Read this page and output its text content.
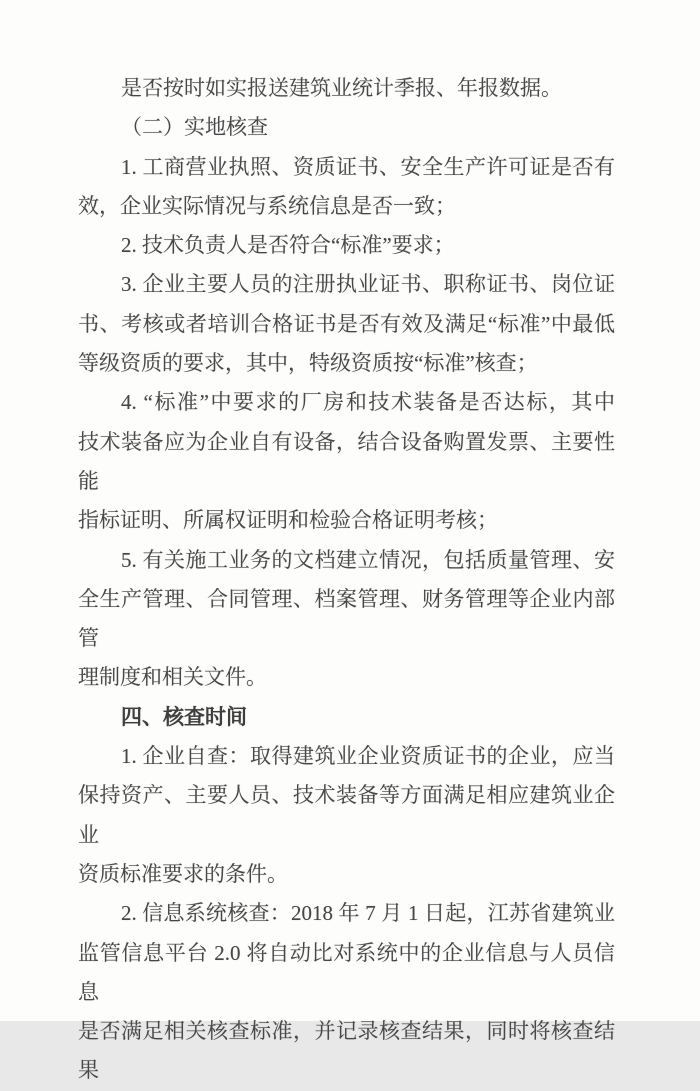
是否按时如实报送建筑业统计季报、年报数据。
（二）实地核查
1. 工商营业执照、资质证书、安全生产许可证是否有
效，企业实际情况与系统信息是否一致；
2. 技术负责人是否符合“标准”要求；
3. 企业主要人员的注册执业证书、职称证书、岗位证
书、考核或者培训合格证书是否有效及满足“标准”中最低
等级资质的要求，其中，特级资质按“标准”核查；
4. “标准”中要求的厂房和技术装备是否达标，其中
技术装备应为企业自有设备，结合设备购置发票、主要性能
指标证明、所属权证明和检验合格证明考核；
5. 有关施工业务的文档建立情况，包括质量管理、安
全生产管理、合同管理、档案管理、财务管理等企业内部管
理制度和相关文件。
四、核查时间
1. 企业自查：取得建筑业企业资质证书的企业，应当
保持资产、主要人员、技术装备等方面满足相应建筑业企业
资质标准要求的条件。
2. 信息系统核查：2018 年 7 月 1 日起，江苏省建筑业
监管信息平台 2.0 将自动比对系统中的企业信息与人员信息
是否满足相关核查标准，并记录核查结果，同时将核查结果
